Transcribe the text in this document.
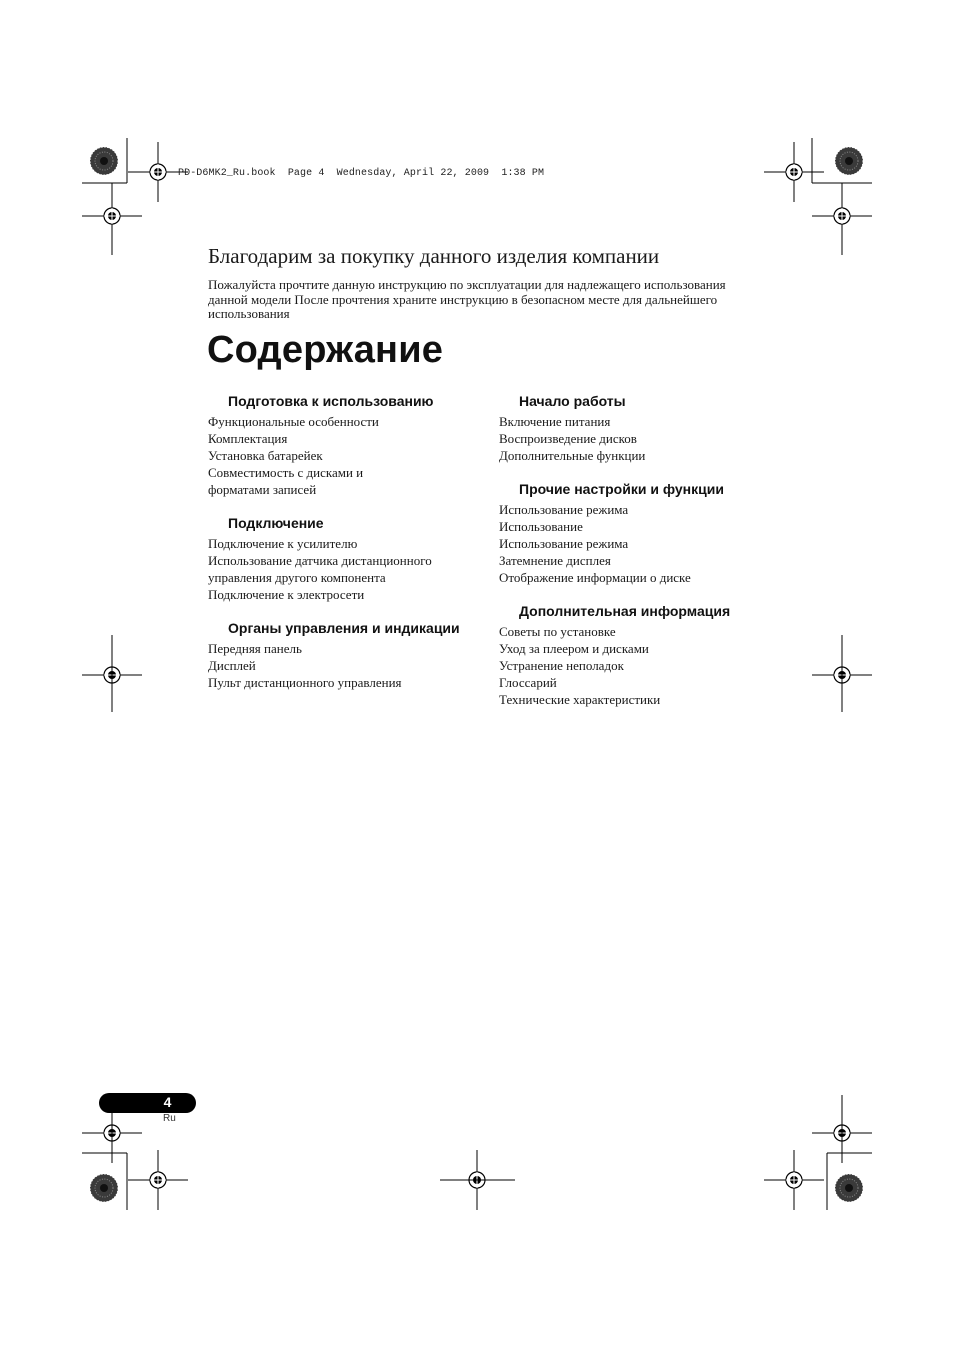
PD-D6MK2_Ru.book  Page 4  Wednesday, April 22, 2009  1:38 PM
Благодарим за покупку данного изделия компании
Пожалуйста прочтите данную инструкцию по эксплуатации для надлежащего использования
данной модели После прочтения храните инструкцию в безопасном месте для дальнейшего
использования
Содержание
Подготовка к использованию
Функциональные особенности
Комплектация
Установка батарейек
Совместимость с дисками и
форматами записей
Подключение
Подключение к усилителю
Использование датчика дистанционного
управления другого компонента
Подключение к электросети
Органы управления и индикации
Передняя панель
Дисплей
Пульт дистанционного управления
Начало работы
Включение питания
Воспроизведение дисков
Дополнительные функции
Прочие настройки и функции
Использование режима
Использование
Использование режима
Затемнение дисплея
Отображение информации о диске
Дополнительная информация
Советы по установке
Уход за плеером и дисками
Устранение неполадок
Глоссарий
Технические характеристики
4
Ru
